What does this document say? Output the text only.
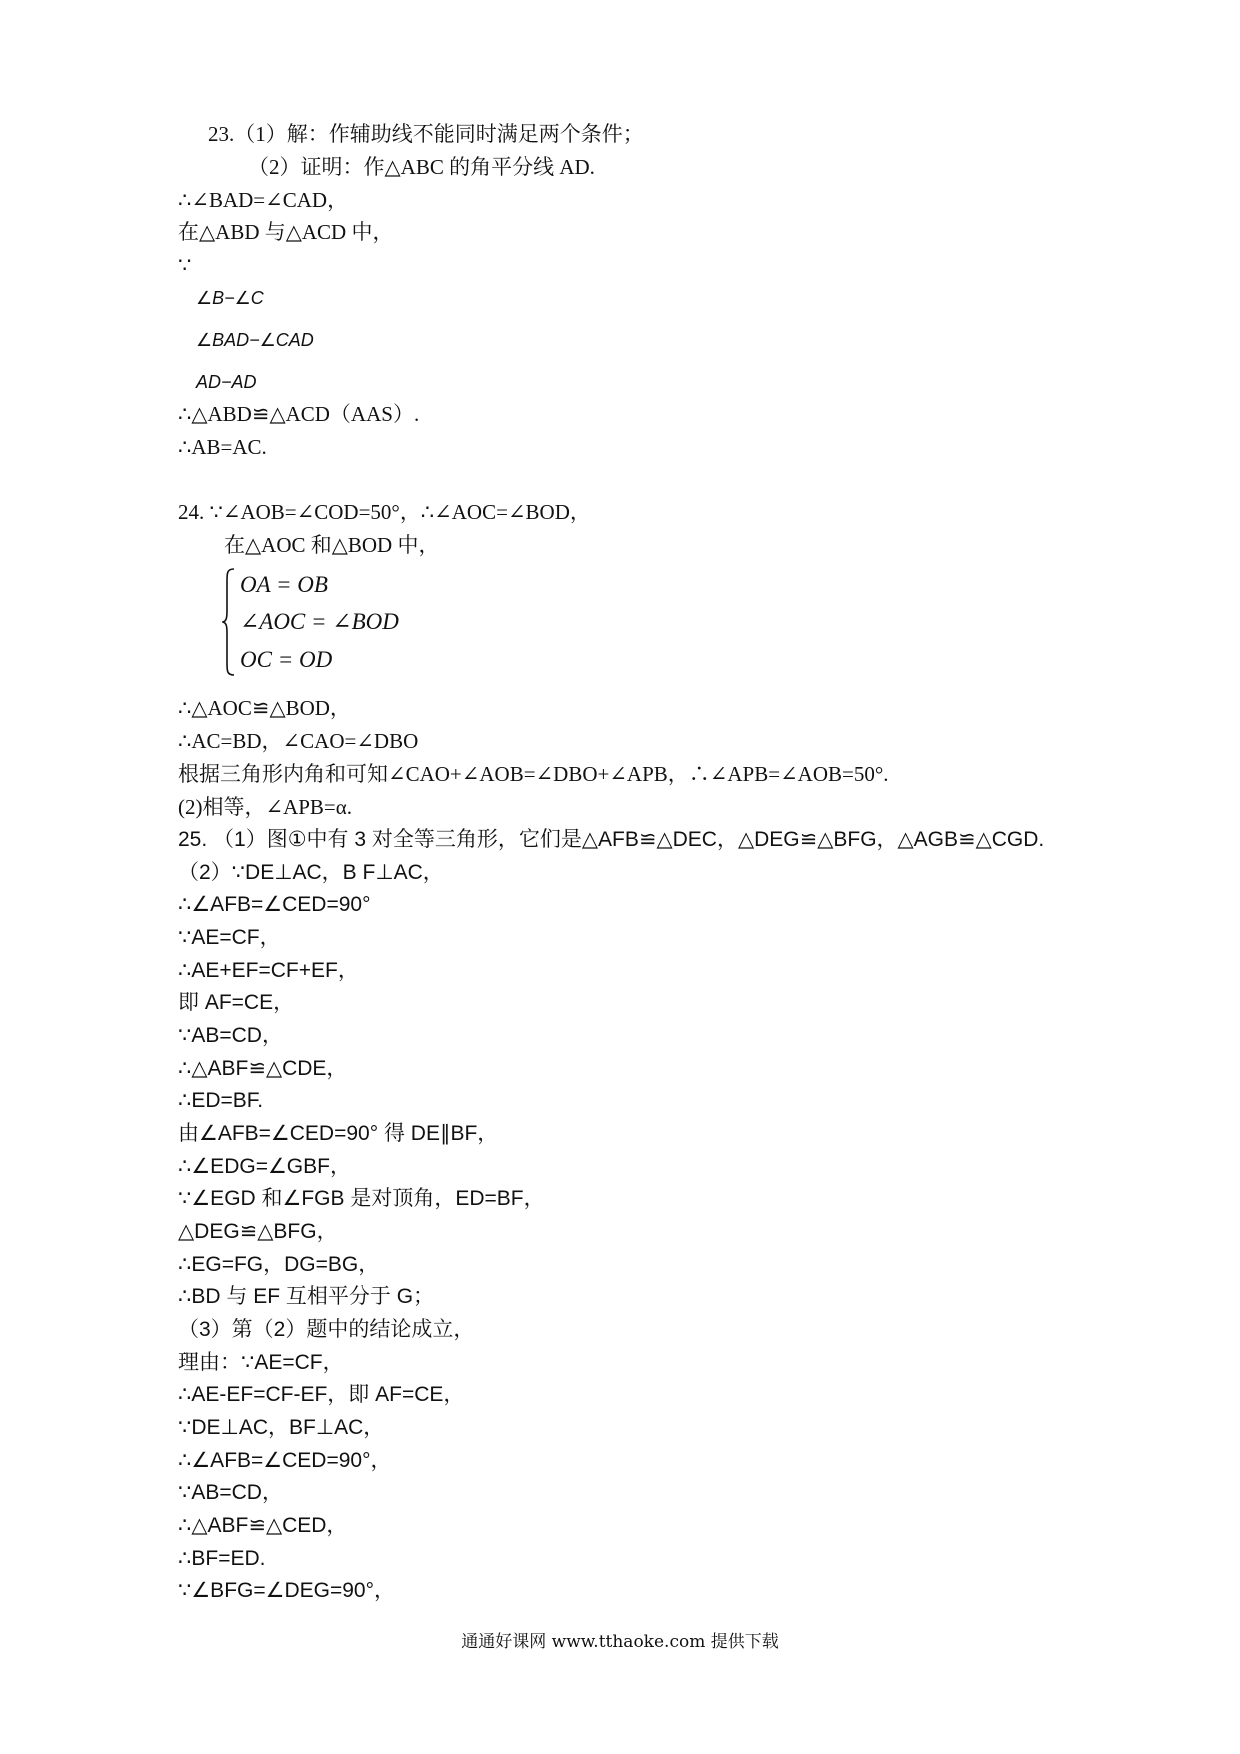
23.（1）解：作辅助线不能同时满足两个条件；
（2）证明：作△ABC 的角平分线 AD.
∴∠BAD=∠CAD，
在△ABD 与△ACD 中，
∵
∠B−∠C
∠BAD−∠CAD
AD−AD
∴△ABD≌△ACD（AAS）.
∴AB=AC.
24. ∵∠AOB=∠COD=50°，∴∠AOC=∠BOD，
在△AOC 和△BOD 中，
OA = OB
∠AOC = ∠BOD
OC = OD
∴△AOC≌△BOD，
∴AC=BD，∠CAO=∠DBO
根据三角形内角和可知∠CAO+∠AOB=∠DBO+∠APB，∴∠APB=∠AOB=50°.
(2)相等，∠APB=α.
25. （1）图①中有 3 对全等三角形，它们是△AFB≌△DEC，△DEG≌△BFG，△AGB≌△CGD.
（2）∵DE⊥AC，B F⊥AC，
∴∠AFB=∠CED=90°
∵AE=CF，
∴AE+EF=CF+EF，
即 AF=CE，
∵AB=CD，
∴△ABF≌△CDE，
∴ED=BF.
由∠AFB=∠CED=90° 得 DE∥BF，
∴∠EDG=∠GBF，
∵∠EGD 和∠FGB 是对顶角，ED=BF，
△DEG≌△BFG，
∴EG=FG，DG=BG，
∴BD 与 EF 互相平分于 G；
（3）第（2）题中的结论成立，
理由：∵AE=CF，
∴AE-EF=CF-EF，即 AF=CE，
∵DE⊥AC，BF⊥AC，
∴∠AFB=∠CED=90°，
∵AB=CD，
∴△ABF≌△CED，
∴BF=ED.
∵∠BFG=∠DEG=90°，
通通好课网 www.tthaoke.com 提供下载
